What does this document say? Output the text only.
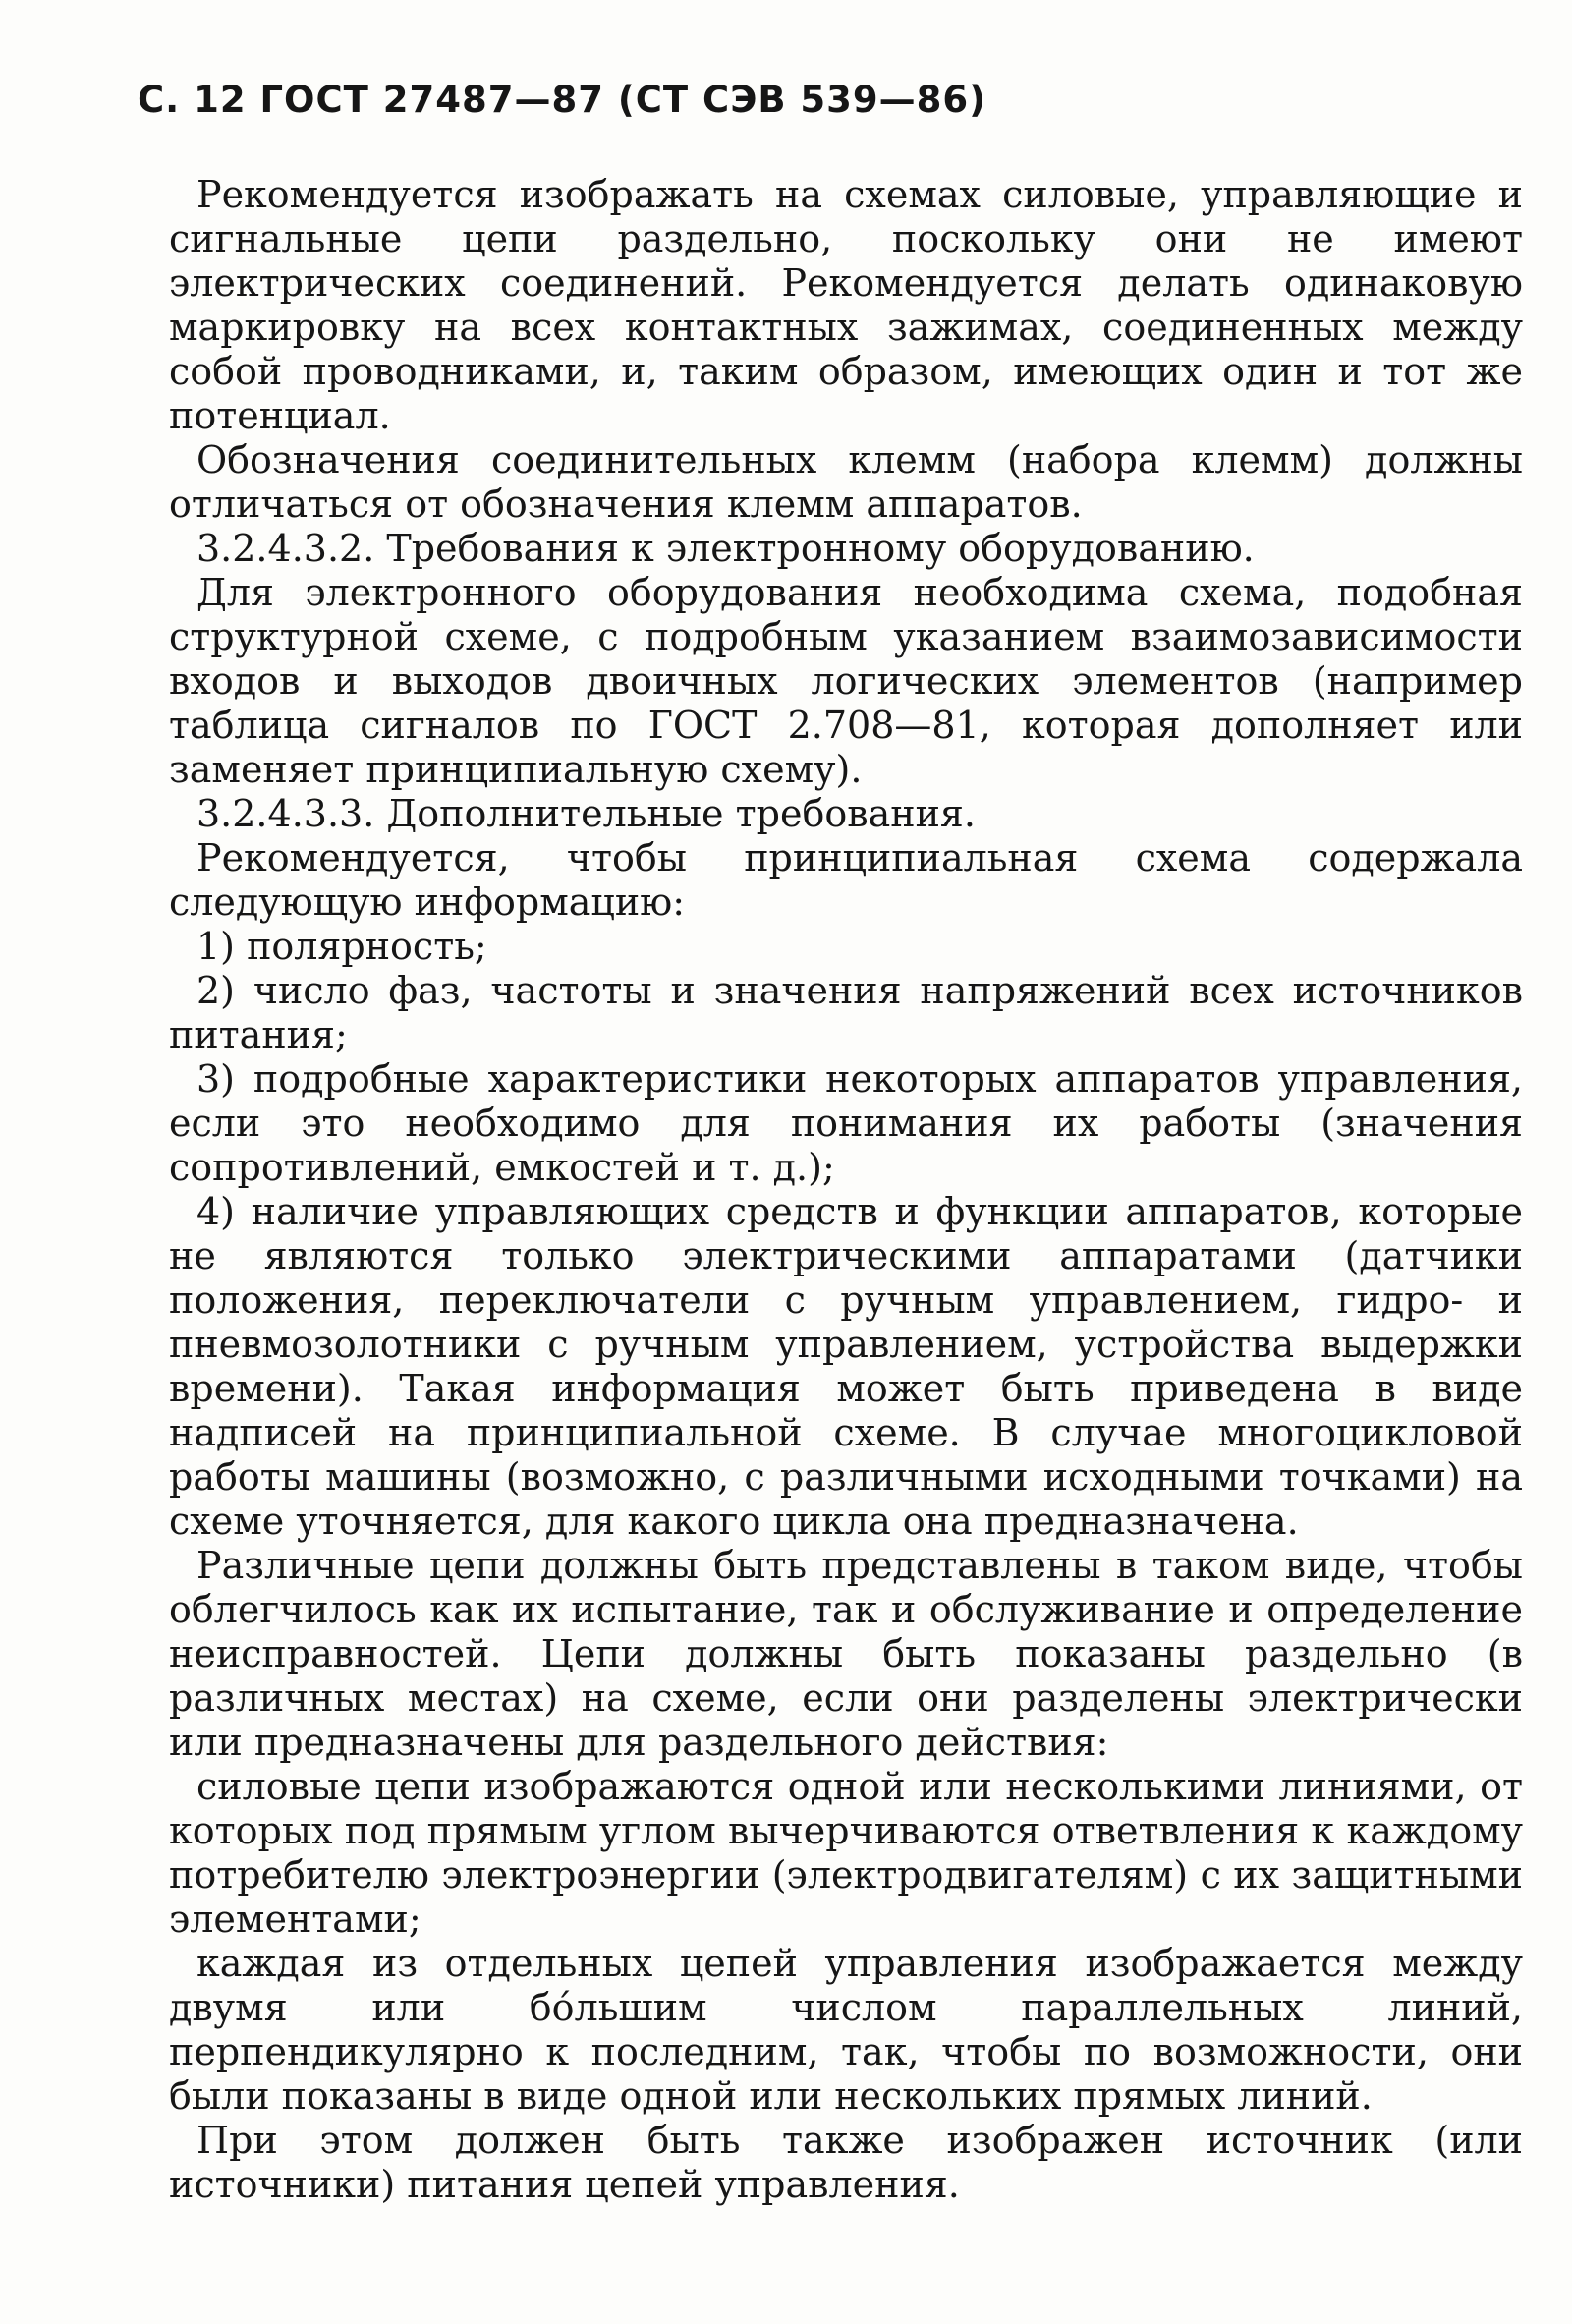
С. 12 ГОСТ 27487—87 (СТ СЭВ 539—86)

Рекомендуется изображать на схемах силовые, управляющие и сигнальные цепи раздельно, поскольку они не имеют электрических соединений. Рекомендуется делать одинаковую маркировку на всех контактных зажимах, соединенных между собой проводниками, и, таким образом, имеющих один и тот же потенциал.

Обозначения соединительных клемм (набора клемм) должны отличаться от обозначения клемм аппаратов.

3.2.4.3.2. Требования к электронному оборудованию.

Для электронного оборудования необходима схема, подобная структурной схеме, с подробным указанием взаимозависимости входов и выходов двоичных логических элементов (например таблица сигналов по ГОСТ 2.708—81, которая дополняет или заменяет принципиальную схему).

3.2.4.3.3. Дополнительные требования.

Рекомендуется, чтобы принципиальная схема содержала следующую информацию:

1) полярность;

2) число фаз, частоты и значения напряжений всех источников питания;

3) подробные характеристики некоторых аппаратов управления, если это необходимо для понимания их работы (значения сопротивлений, емкостей и т. д.);

4) наличие управляющих средств и функции аппаратов, которые не являются только электрическими аппаратами (датчики положения, переключатели с ручным управлением, гидро- и пневмозолотники с ручным управлением, устройства выдержки времени). Такая информация может быть приведена в виде надписей на принципиальной схеме. В случае многоцикловой работы машины (возможно, с различными исходными точками) на схеме уточняется, для какого цикла она предназначена.

Различные цепи должны быть представлены в таком виде, чтобы облегчилось как их испытание, так и обслуживание и определение неисправностей. Цепи должны быть показаны раздельно (в различных местах) на схеме, если они разделены электрически или предназначены для раздельного действия:

силовые цепи изображаются одной или несколькими линиями, от которых под прямым углом вычерчиваются ответвления к каждому потребителю электроэнергии (электродвигателям) с их защитными элементами;

каждая из отдельных цепей управления изображается между двумя или бо́льшим числом параллельных линий, перпендикулярно к последним, так, чтобы по возможности, они были показаны в виде одной или нескольких прямых линий.

При этом должен быть также изображен источник (или источники) питания цепей управления.
